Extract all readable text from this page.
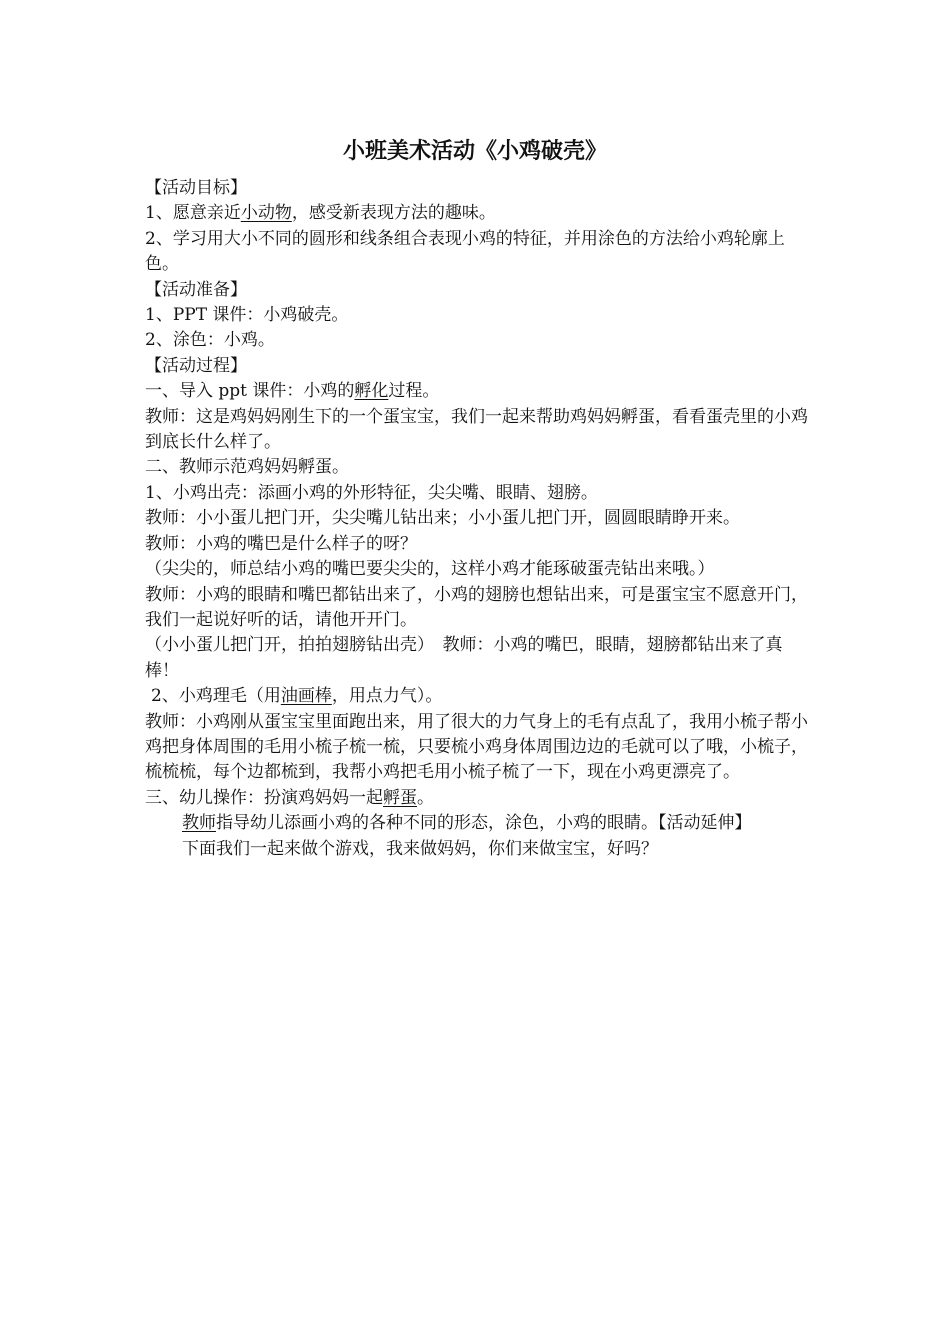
小班美术活动《小鸡破壳》

【活动目标】

1、愿意亲近小动物，感受新表现方法的趣味。

2、学习用大小不同的圆形和线条组合表现小鸡的特征，并用涂色的方法给小鸡轮廓上色。

【活动准备】

1、PPT 课件：小鸡破壳。

2、涂色：小鸡。

【活动过程】

一、导入 ppt 课件：小鸡的孵化过程。

教师：这是鸡妈妈刚生下的一个蛋宝宝，我们一起来帮助鸡妈妈孵蛋，看看蛋壳里的小鸡到底长什么样了。

二、教师示范鸡妈妈孵蛋。

1、小鸡出壳：添画小鸡的外形特征，尖尖嘴、眼睛、翅膀。

教师：小小蛋儿把门开，尖尖嘴儿钻出来；小小蛋儿把门开，圆圆眼睛睁开来。

教师：小鸡的嘴巴是什么样子的呀？

（尖尖的，师总结小鸡的嘴巴要尖尖的，这样小鸡才能琢破蛋壳钻出来哦。）

教师：小鸡的眼睛和嘴巴都钻出来了，小鸡的翅膀也想钻出来，可是蛋宝宝不愿意开门，我们一起说好听的话，请他开开门。

（小小蛋儿把门开，拍拍翅膀钻出壳）　教师：小鸡的嘴巴，眼睛，翅膀都钻出来了真棒！

2、小鸡理毛（用油画棒，用点力气）。

教师：小鸡刚从蛋宝宝里面跑出来，用了很大的力气身上的毛有点乱了，我用小梳子帮小鸡把身体周围的毛用小梳子梳一梳，只要梳小鸡身体周围边边的毛就可以了哦，小梳子，梳梳梳，每个边都梳到，我帮小鸡把毛用小梳子梳了一下，现在小鸡更漂亮了。

三、幼儿操作：扮演鸡妈妈一起孵蛋。

教师指导幼儿添画小鸡的各种不同的形态，涂色，小鸡的眼睛。【活动延伸】

下面我们一起来做个游戏，我来做妈妈，你们来做宝宝，好吗？
